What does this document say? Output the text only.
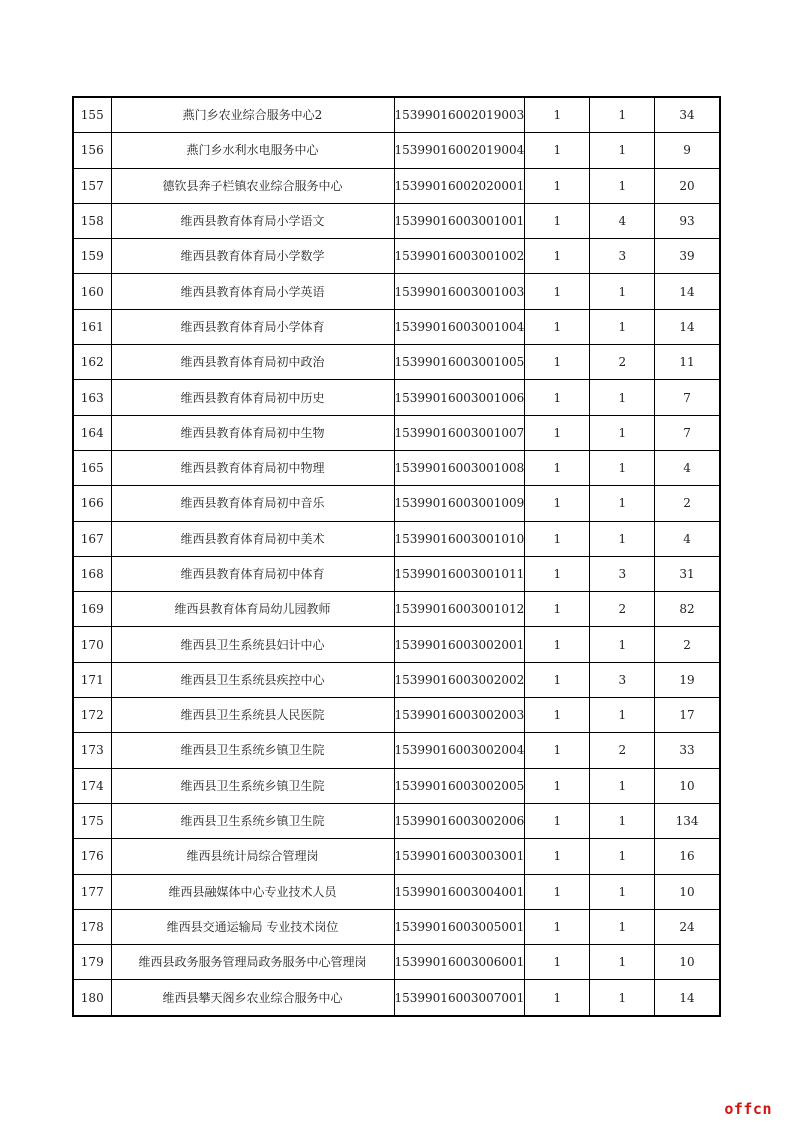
155	燕门乡农业综合服务中心2	15399016002019003	1	1	34
156	燕门乡水利水电服务中心	15399016002019004	1	1	9
157	德钦县奔子栏镇农业综合服务中心	15399016002020001	1	1	20
158	维西县教育体育局小学语文	15399016003001001	1	4	93
159	维西县教育体育局小学数学	15399016003001002	1	3	39
160	维西县教育体育局小学英语	15399016003001003	1	1	14
161	维西县教育体育局小学体育	15399016003001004	1	1	14
162	维西县教育体育局初中政治	15399016003001005	1	2	11
163	维西县教育体育局初中历史	15399016003001006	1	1	7
164	维西县教育体育局初中生物	15399016003001007	1	1	7
165	维西县教育体育局初中物理	15399016003001008	1	1	4
166	维西县教育体育局初中音乐	15399016003001009	1	1	2
167	维西县教育体育局初中美术	15399016003001010	1	1	4
168	维西县教育体育局初中体育	15399016003001011	1	3	31
169	维西县教育体育局幼儿园教师	15399016003001012	1	2	82
170	维西县卫生系统县妇计中心	15399016003002001	1	1	2
171	维西县卫生系统县疾控中心	15399016003002002	1	3	19
172	维西县卫生系统县人民医院	15399016003002003	1	1	17
173	维西县卫生系统乡镇卫生院	15399016003002004	1	2	33
174	维西县卫生系统乡镇卫生院	15399016003002005	1	1	10
175	维西县卫生系统乡镇卫生院	15399016003002006	1	1	134
176	维西县统计局综合管理岗	15399016003003001	1	1	16
177	维西县融媒体中心专业技术人员	15399016003004001	1	1	10
178	维西县交通运输局 专业技术岗位	15399016003005001	1	1	24
179	维西县政务服务管理局政务服务中心管理岗	15399016003006001	1	1	10
180	维西县攀天阁乡农业综合服务中心	15399016003007001	1	1	14
offcn
